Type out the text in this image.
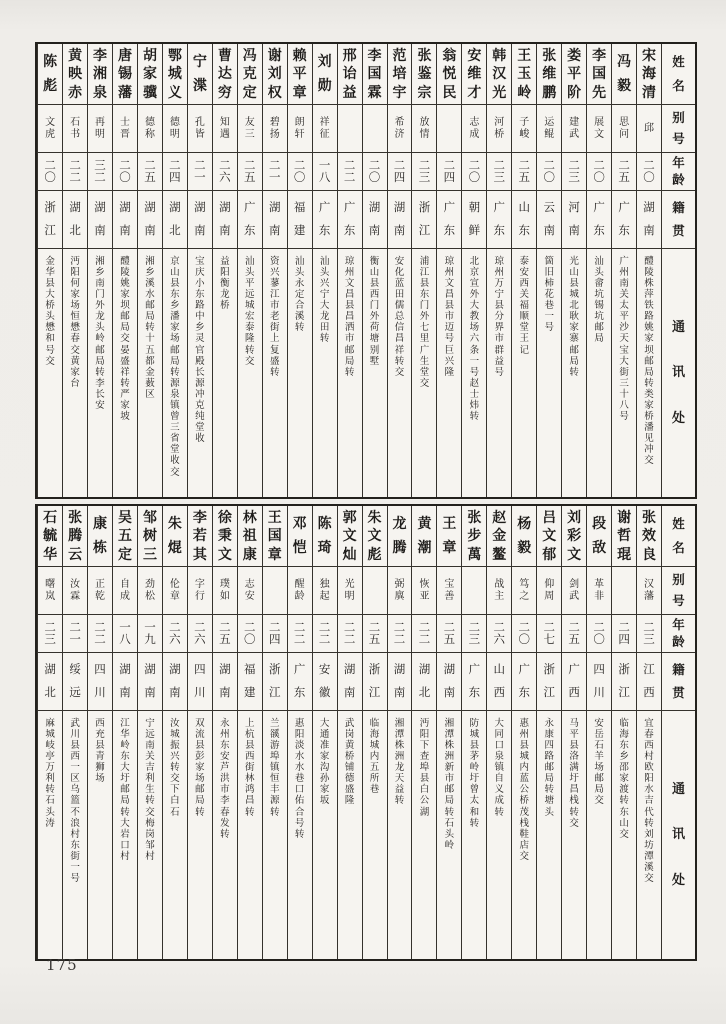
姓
名
别
号
年
龄
籍
贯
通
讯
处
宋
海
清
邱
二
〇
湖
南
醴
陵
株
萍
铁
路
姚
家
坝
邮
局
转
类
家
桥
潘
见
冲
交
冯
毅
思
问
二
五
广
东
广
州
南
关
太
平
沙
天
宝
大
街
三
十
八
号
李
国
先
展
文
二
〇
广
东
汕
头
畲
坑
锡
坑
邮
局
娄
平
阶
建
武
二
三
河
南
光
山
县
城
北
耿
家
寨
邮
局
转
张
维
鹏
运
鲲
二
〇
云
南
箇
旧
柿
花
巷
一
号
王
玉
岭
子
峻
二
五
山
东
泰
安
西
关
福
顺
堂
王
记
韩
汉
光
河
桥
二
三
广
东
琼
州
万
宁
县
分
界
市
群
益
号
安
维
才
志
成
二
〇
朝
鲜
北
京
宣
外
大
教
场
六
条
一
号
赵
士
炜
转
翁
悦
民
二
四
广
东
琼
州
文
昌
县
市
迈
号
巨
兴
隆
张
鉴
宗
放
情
二
三
浙
江
浦
江
县
东
门
外
七
里
广
生
堂
交
范
培
宇
希
济
二
四
湖
南
安
化
蓝
田
儒
总
信
昌
祥
转
交
李
国
霖
二
〇
湖
南
衡
山
县
西
门
外
荷
塘
别
墅
邢
诒
益
二
二
广
东
琼
州
文
昌
县
昌
洒
市
邮
局
转
刘
勋
祥
征
一
八
广
东
汕
头
兴
宁
大
龙
田
转
赖
平
章
朗
轩
二
〇
福
建
汕
头
永
定
合
溪
转
谢
刘
权
碧
扬
二
一
湖
南
资
兴
蓼
江
市
老
街
上
复
盛
转
冯
克
定
友
三
二
五
广
东
汕
头
平
远
城
宏
泰
隆
转
交
曹
达
穷
知
遇
二
六
湖
南
益
阳
衡
龙
桥
宁
渫
孔
皆
二
一
湖
南
宝
庆
小
东
路
中
乡
灵
官
殿
长
源
冲
克
纯
堂
收
鄂
城
义
德
明
二
四
湖
北
京
山
县
东
乡
潘
家
场
邮
局
转
源
泉
镇
曾
三
省
堂
收
交
胡
家
骥
德
称
二
五
湖
南
湘
乡
溪
水
邮
局
转
十
五
都
金
薮
区
唐
锡
藩
士
晋
二
〇
湖
南
醴
陵
姚
家
坝
邮
局
交
晏
盛
祥
转
严
家
坡
李
湘
泉
再
明
三
二
湖
南
湘
乡
南
门
外
龙
头
岭
邮
局
转
李
长
安
黄
映
赤
石
书
二
二
湖
北
沔
阳
何
家
场
恒
懋
春
交
黄
家
台
陈
彪
文
虎
二
〇
浙
江
金
华
县
大
桥
头
懋
和
号
交
姓
名
别
号
年
龄
籍
贯
通
讯
处
张
效
良
汉
藩
二
三
江
西
宜
春
西
村
欧
阳
水
吉
代
转
刘
坊
潭
溪
交
谢
哲
琨
二
四
浙
江
临
海
东
乡
邵
家
渡
转
东
山
交
段
敌
革
非
二
〇
四
川
安
岳
石
羊
场
邮
局
交
刘
彩
文
剑
武
二
五
广
西
马
平
县
洛
满
圩
昌
栈
转
交
吕
文
郁
仰
周
二
七
浙
江
永
康
四
路
邮
局
转
塘
头
杨
毅
笃
之
二
〇
广
东
惠
州
县
城
内
蓝
公
桥
茂
栈
鞋
店
交
赵
金
鳌
战
主
二
六
山
西
大
同
口
泉
镇
自
义
成
转
张
步
萬
二
三
广
东
防
城
县
茅
岭
圩
曾
太
和
转
王
章
宝
善
二
五
湖
南
湘
潭
株
洲
新
市
邮
局
转
石
头
岭
黄
潮
恢
亚
二
二
湖
北
沔
阳
下
查
埠
县
白
公
湖
龙
腾
弼
廙
二
二
湖
南
湘
潭
株
洲
龙
天
益
转
朱
文
彪
二
五
浙
江
临
海
城
内
五
所
巷
郭
文
灿
光
明
二
二
湖
南
武
岗
黄
桥
铺
德
盛
隆
陈
琦
独
起
二
二
安
徽
大
通
准
家
沟
孙
家
坂
邓
恺
醒
龄
二
二
广
东
惠
阳
淡
水
水
巷
口
佑
合
号
转
王
国
章
二
四
浙
江
兰
豀
游
埠
镇
恒
丰
源
转
林
祖
康
志
安
二
〇
福
建
上
杭
县
西
街
林
鸿
昌
转
徐
秉
文
璞
如
二
五
湖
南
永
州
东
安
芦
洪
市
李
春
发
转
李
若
其
字
行
二
六
四
川
双
流
县
彭
家
场
邮
局
转
朱
焜
伦
章
二
六
湖
南
汝
城
振
兴
转
交
下
白
石
邹
树
三
劲
松
一
九
湖
南
宁
远
南
关
吉
利
生
转
交
梅
岗
邹
村
吴
五
定
自
成
一
八
湖
南
江
华
岭
东
大
圩
邮
局
转
大
岩
口
村
康
栋
正
乾
二
二
四
川
西
充
县
青
狮
场
张
腾
云
汝
霖
二
一
绥
远
武
川
县
西
一
区
乌
篮
不
浪
村
东
街
一
号
石
毓
华
曙
岚
二
三
湖
北
麻
城
岐
亭
万
利
转
石
头
涛
175
